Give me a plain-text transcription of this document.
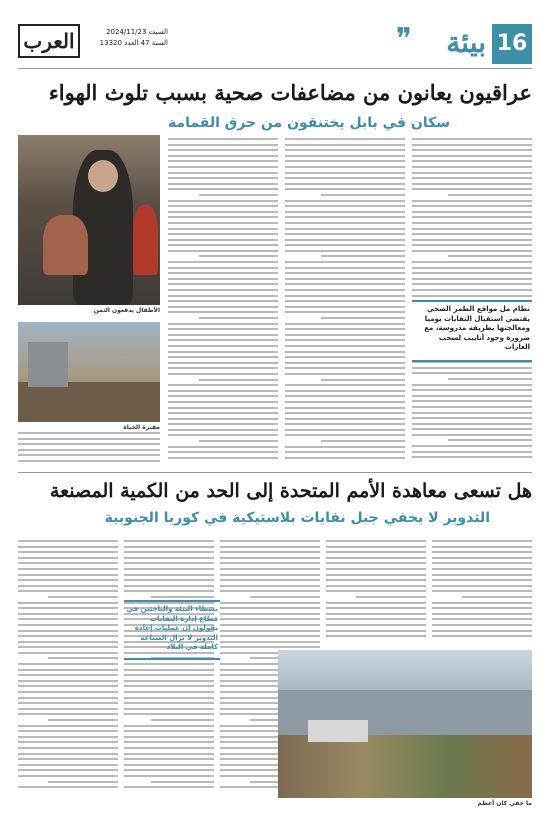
16
بيئة
❞
العرب	السبت 2024/11/23
السنة 47 العدد 13320
عراقيون يعانون من مضاعفات صحية بسبب تلوث الهواء
سكان في بابل يختنقون من حرق القمامة
الأطفال يدفعون الثمن
مقبرة الحياة
هل تسعى معاهدة الأمم المتحدة إلى الحد من الكمية المصنعة
التدوير لا يخفي جبل نفايات بلاستيكية في كوريا الجنوبية
نشطاء البيئة والباحثين في قطاع إدارة النفايات يقولون إن عمليات إعادة التدوير لا تزال الصناعة كاملة في البلاد
ما خفي كان أعظم
نظام مل مواقع الطمر الصحي يقتضي استقبال النفايات يوميا ومعالجتها بطريقة مدروسة، مع ضرورة وجود أنابيب لسحب الغازات
